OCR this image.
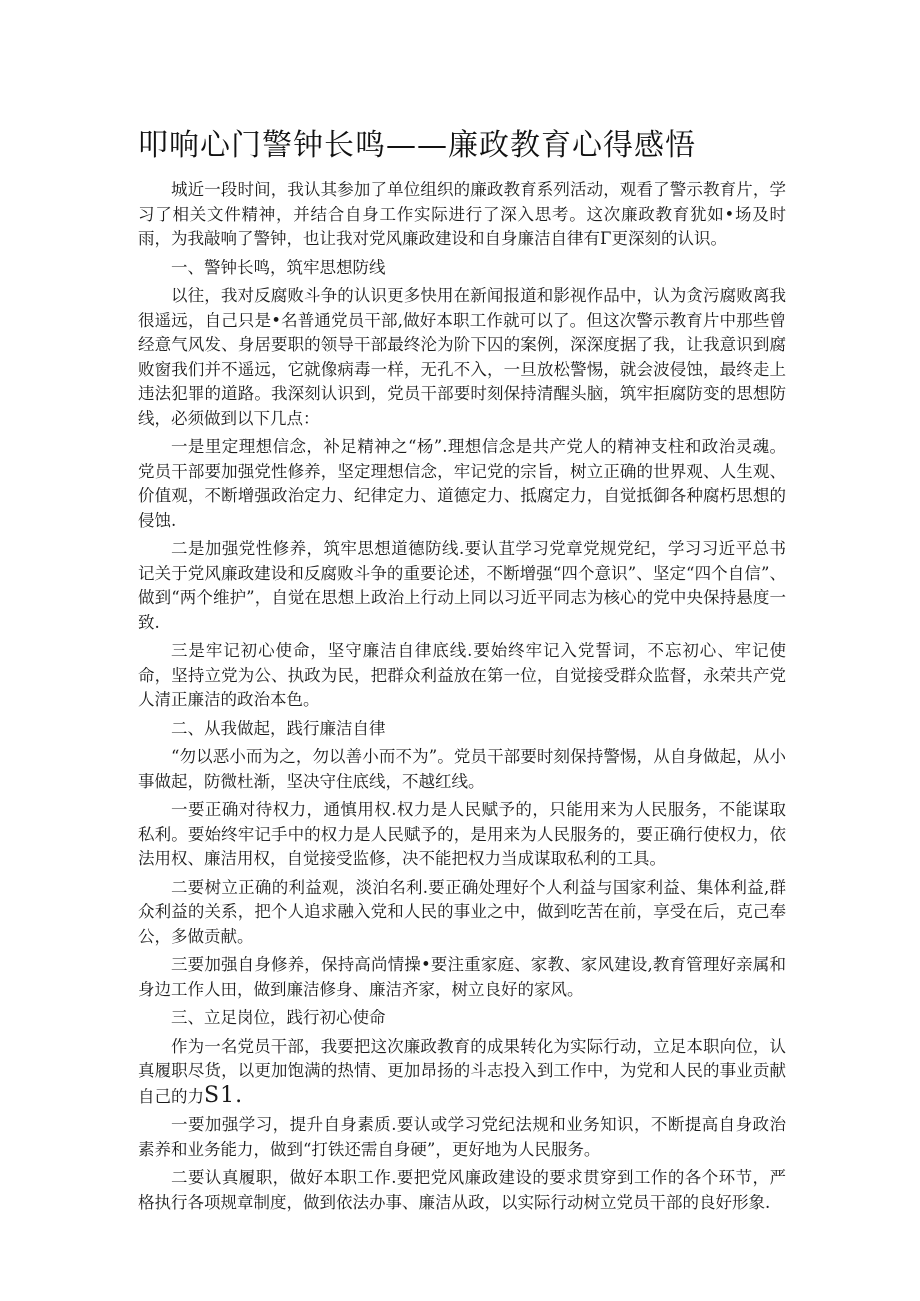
叩响心门警钟长鸣——廉政教育心得感悟

城近一段时间，我认其参加了单位组织的廉政教育系列活动，观看了警示教育片，学习了相关文件精神，并结合自身工作实际进行了深入思考。这次廉政教育犹如•场及时雨，为我敲响了警钟，也让我对党风廉政建设和自身廉洁自律有Γ更深刻的认识。

一、警钟长鸣，筑牢思想防线

以往，我对反腐败斗争的认识更多快用在新闻报道和影视作品中，认为贪污腐败离我很遥远，自己只是•名普通党员干部,做好本职工作就可以了。但这次警示教育片中那些曾经意气风发、身居要职的领导干部最终沦为阶下囚的案例，深深度据了我，让我意识到腐败窗我们并不遥远，它就像病毒一样，无孔不入，一旦放松警惕，就会波侵蚀，最终走上违法犯罪的道路。我深刻认识到，党员干部要时刻保持清醒头脑，筑牢拒腐防变的思想防线，必须做到以下几点：

一是里定理想信念，补足精神之“杨”.理想信念是共产党人的精神支柱和政治灵魂。党员干部要加强党性修养，坚定理想信念，牢记党的宗旨，树立正确的世界观、人生观、价值观，不断增强政治定力、纪律定力、道德定力、抵腐定力，自觉抵御各种腐朽思想的侵蚀.

二是加强党性修养，筑牢思想道德防线.要认苴学习党章党规党纪，学习习近平总书记关于党风廉政建设和反腐败斗争的重要论述，不断增强“四个意识”、坚定“四个自信”、做到“两个维护”，自觉在思想上政治上行动上同以习近平同志为核心的党中央保持悬度一致.

三是牢记初心使命，坚守廉洁自律底线.要始终牢记入党誓词，不忘初心、牢记使命，坚持立党为公、执政为民，把群众利益放在第一位，自觉接受群众监督，永荣共产党人清正廉洁的政治本色。

二、从我做起，践行廉洁自律

“勿以恶小而为之，勿以善小而不为”。党员干部要时刻保持警惕，从自身做起，从小事做起，防微杜渐，坚决守住底线，不越红线。

一要正确对待权力，通慎用权.权力是人民赋予的，只能用来为人民服务，不能谋取私利。要始终牢记手中的权力是人民赋予的，是用来为人民服务的，要正确行使权力，依法用权、廉洁用权，自觉接受监修，决不能把权力当成谋取私利的工具。

二要树立正确的利益观，淡泊名利.要正确处理好个人利益与国家利益、集体利益,群众利益的关系，把个人追求融入党和人民的事业之中，做到吃苦在前，享受在后，克己奉公，多做贡献。

三要加强自身修养，保持高尚情操•要注重家庭、家教、家风建设,教育管理好亲属和身边工作人田，做到廉洁修身、廉洁齐家，树立良好的家风。

三、立足岗位，践行初心使命

作为一名党员干部，我要把这次廉政教育的成果转化为实际行动，立足本职向位，认真履职尽货，以更加饱满的热情、更加昂扬的斗志投入到工作中，为党和人民的事业贡献自己的力S1.

一要加强学习，提升自身素质.要认或学习党纪法规和业务知识，不断提高自身政治素养和业务能力，做到“打铁还需自身硬”，更好地为人民服务。

二要认真履职，做好本职工作.要把党风廉政建设的要求贯穿到工作的各个环节，严格执行各项规章制度，做到依法办事、廉洁从政，以实际行动树立党员干部的良好形象.
